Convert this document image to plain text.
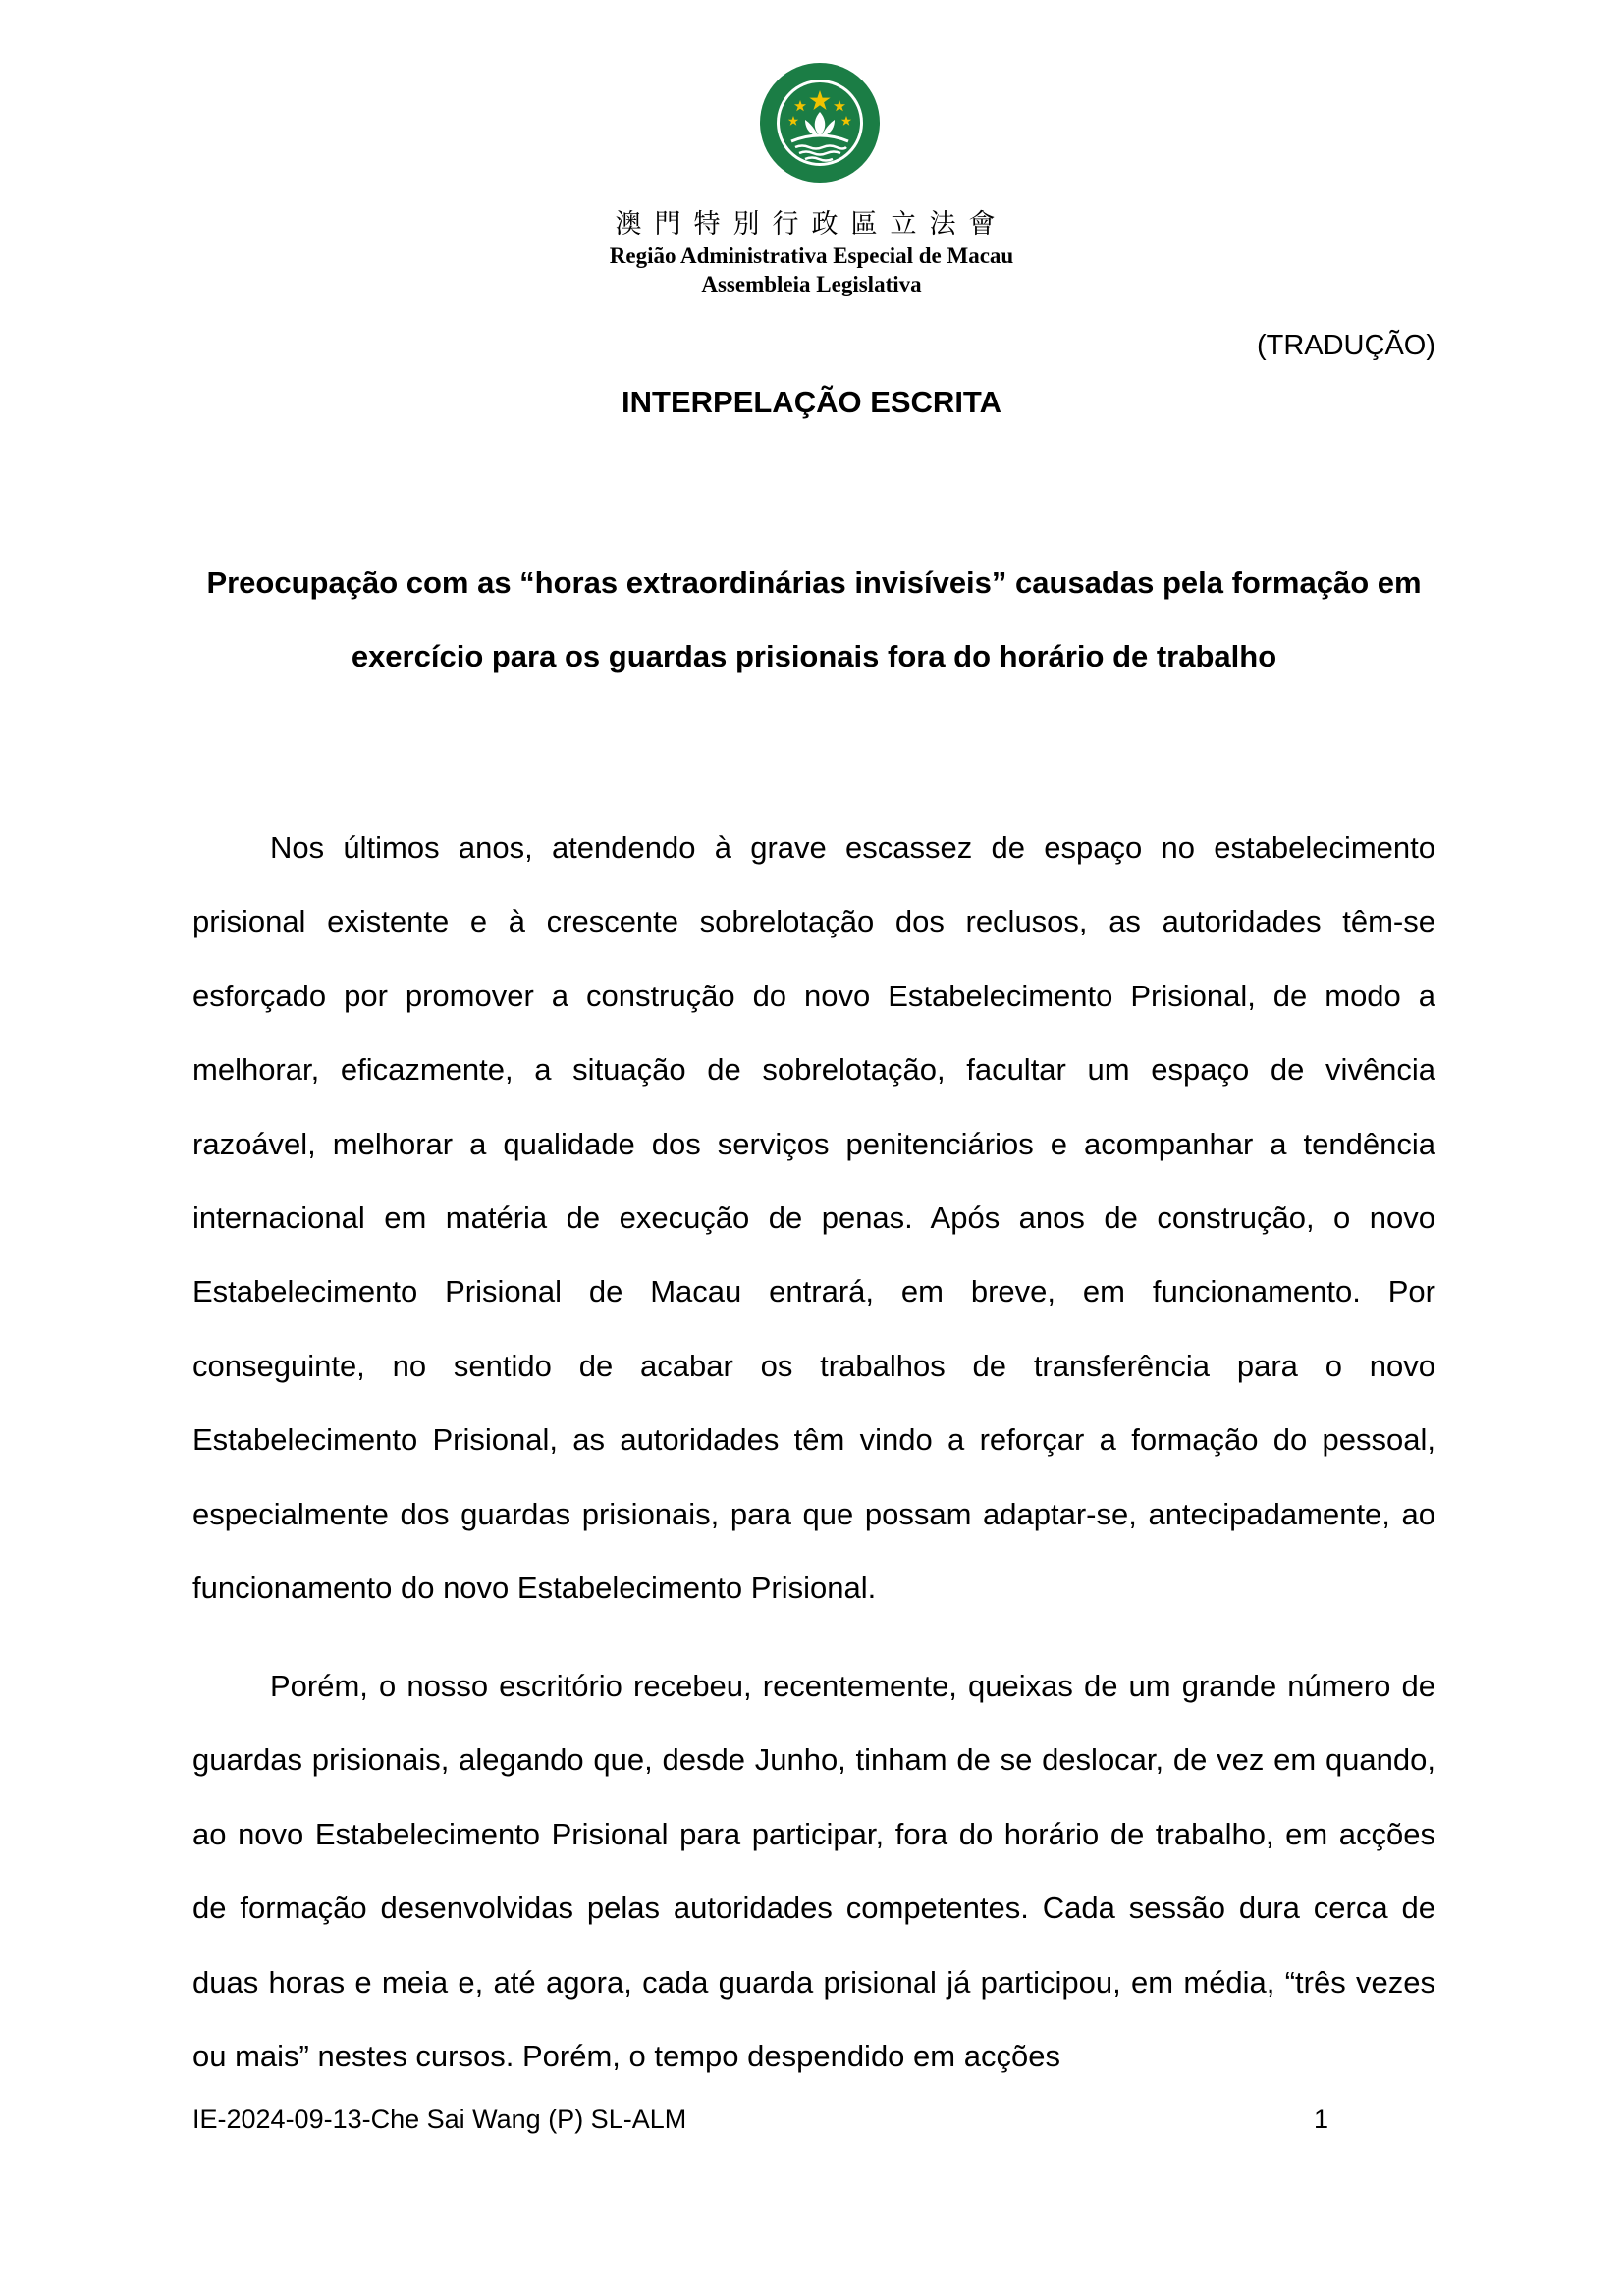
澳門特別行政區立法會
Região Administrativa Especial de Macau
Assembleia Legislativa
(TRADUÇÃO)
INTERPELAÇÃO ESCRITA
Preocupação com as “horas extraordinárias invisíveis” causadas pela formação em exercício para os guardas prisionais fora do horário de trabalho

Nos últimos anos, atendendo à grave escassez de espaço no estabelecimento prisional existente e à crescente sobrelotação dos reclusos, as autoridades têm-se esforçado por promover a construção do novo Estabelecimento Prisional, de modo a melhorar, eficazmente, a situação de sobrelotação, facultar um espaço de vivência razoável, melhorar a qualidade dos serviços penitenciários e acompanhar a tendência internacional em matéria de execução de penas. Após anos de construção, o novo Estabelecimento Prisional de Macau entrará, em breve, em funcionamento. Por conseguinte, no sentido de acabar os trabalhos de transferência para o novo Estabelecimento Prisional, as autoridades têm vindo a reforçar a formação do pessoal, especialmente dos guardas prisionais, para que possam adaptar-se, antecipadamente, ao funcionamento do novo Estabelecimento Prisional.

Porém, o nosso escritório recebeu, recentemente, queixas de um grande número de guardas prisionais, alegando que, desde Junho, tinham de se deslocar, de vez em quando, ao novo Estabelecimento Prisional para participar, fora do horário de trabalho, em acções de formação desenvolvidas pelas autoridades competentes. Cada sessão dura cerca de duas horas e meia e, até agora, cada guarda prisional já participou, em média, “três vezes ou mais” nestes cursos. Porém, o tempo despendido em acções

IE-2024-09-13-Che Sai Wang (P) SL-ALM	1
